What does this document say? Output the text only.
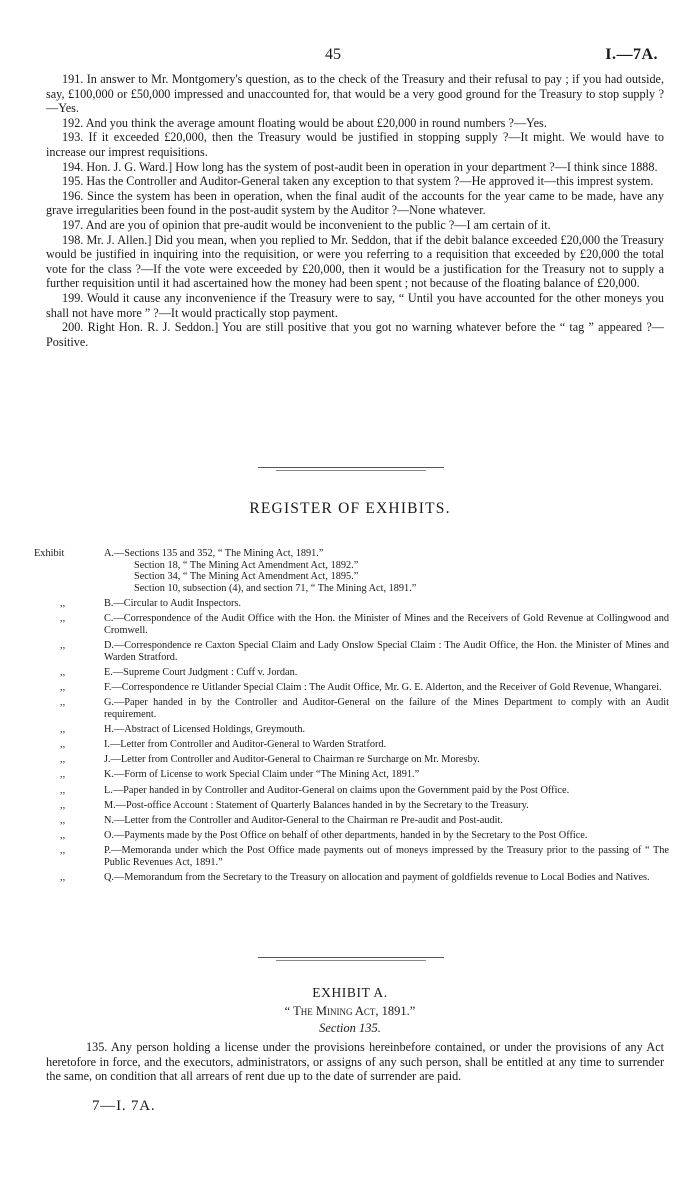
45	I.—7A.

191. In answer to Mr. Montgomery's question, as to the check of the Treasury and their refusal to pay ; if you had outside, say, £100,000 or £50,000 impressed and unaccounted for, that would be a very good ground for the Treasury to stop supply ?—Yes.

192. And you think the average amount floating would be about £20,000 in round numbers ?—Yes.

193. If it exceeded £20,000, then the Treasury would be justified in stopping supply ?—It might. We would have to increase our imprest requisitions.

194. Hon. J. G. Ward.] How long has the system of post-audit been in operation in your department ?—I think since 1888.

195. Has the Controller and Auditor-General taken any exception to that system ?—He approved it—this imprest system.

196. Since the system has been in operation, when the final audit of the accounts for the year came to be made, have any grave irregularities been found in the post-audit system by the Auditor ?—None whatever.

197. And are you of opinion that pre-audit would be inconvenient to the public ?—I am certain of it.

198. Mr. J. Allen.] Did you mean, when you replied to Mr. Seddon, that if the debit balance exceeded £20,000 the Treasury would be justified in inquiring into the requisition, or were you referring to a requisition that exceeded by £20,000 the total vote for the class ?—If the vote were exceeded by £20,000, then it would be a justification for the Treasury not to supply a further requisition until it had ascertained how the money had been spent ; not because of the floating balance of £20,000.

199. Would it cause any inconvenience if the Treasury were to say, “ Until you have accounted for the other moneys you shall not have more ” ?—It would practically stop payment.

200. Right Hon. R. J. Seddon.] You are still positive that you got no warning whatever before the “ tag ” appeared ?—Positive.

REGISTER OF EXHIBITS.
Exhibit	A.—Sections 135 and 352, “ The Mining Act, 1891.”
Section 18, “ The Mining Act Amendment Act, 1892.”
Section 34, “ The Mining Act Amendment Act, 1895.”
Section 10, subsection (4), and section 71, “ The Mining Act, 1891.”
,,	B.—Circular to Audit Inspectors.
,,	C.—Correspondence of the Audit Office with the Hon. the Minister of Mines and the Receivers of Gold Revenue at Collingwood and Cromwell.
,,	D.—Correspondence re Caxton Special Claim and Lady Onslow Special Claim : The Audit Office, the Hon. the Minister of Mines and Warden Stratford.
,,	E.—Supreme Court Judgment : Cuff v. Jordan.
,,	F.—Correspondence re Uitlander Special Claim : The Audit Office, Mr. G. E. Alderton, and the Receiver of Gold Revenue, Whangarei.
,,	G.—Paper handed in by the Controller and Auditor-General on the failure of the Mines Department to comply with an Audit requirement.
,,	H.—Abstract of Licensed Holdings, Greymouth.
,,	I.—Letter from Controller and Auditor-General to Warden Stratford.
,,	J.—Letter from Controller and Auditor-General to Chairman re Surcharge on Mr. Moresby.
,,	K.—Form of License to work Special Claim under “The Mining Act, 1891.”
,,	L.—Paper handed in by Controller and Auditor-General on claims upon the Government paid by the Post Office.
,,	M.—Post-office Account : Statement of Quarterly Balances handed in by the Secretary to the Treasury.
,,	N.—Letter from the Controller and Auditor-General to the Chairman re Pre-audit and Post-audit.
,,	O.—Payments made by the Post Office on behalf of other departments, handed in by the Secretary to the Post Office.
,,	P.—Memoranda under which the Post Office made payments out of moneys impressed by the Treasury prior to the passing of “ The Public Revenues Act, 1891.”
,,	Q.—Memorandum from the Secretary to the Treasury on allocation and payment of goldfields revenue to Local Bodies and Natives.
EXHIBIT A.
“ The Mining Act, 1891.”
Section 135.

135. Any person holding a license under the provisions hereinbefore contained, or under the provisions of any Act heretofore in force, and the executors, administrators, or assigns of any such person, shall be entitled at any time to surrender the same, on condition that all arrears of rent due up to the date of surrender are paid.

7—I. 7A.
